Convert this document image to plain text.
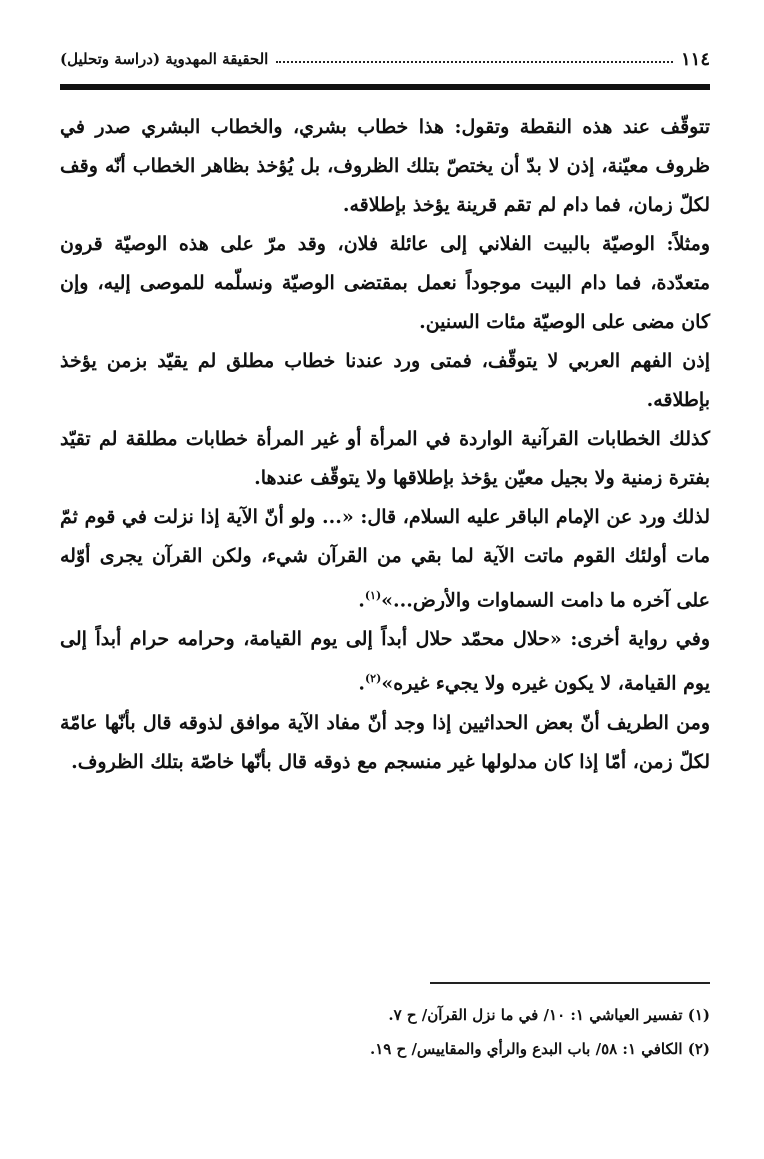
١١٤
الحقيقة المهدوية (دراسة وتحليل)

تتوقّف عند هذه النقطة وتقول: هذا خطاب بشري، والخطاب البشري صدر في ظروف معيّنة، إذن لا بدّ أن يختصّ بتلك الظروف، بل يُؤخذ بظاهر الخطاب أنّه وقف لكلّ زمان، فما دام لم تقم قرينة يؤخذ بإطلاقه.

ومثلاً: الوصيّة بالبيت الفلاني إلى عائلة فلان، وقد مرّ على هذه الوصيّة قرون متعدّدة، فما دام البيت موجوداً نعمل بمقتضى الوصيّة ونسلّمه للموصى إليه، وإن كان مضى على الوصيّة مئات السنين.

إذن الفهم العربي لا يتوقّف، فمتى ورد عندنا خطاب مطلق لم يقيّد بزمن يؤخذ بإطلاقه.

كذلك الخطابات القرآنية الواردة في المرأة أو غير المرأة خطابات مطلقة لم تقيّد بفترة زمنية ولا بجيل معيّن يؤخذ بإطلاقها ولا يتوقّف عندها.

لذلك ورد عن الإمام الباقر عليه السلام، قال: «... ولو أنّ الآية إذا نزلت في قوم ثمّ مات أولئك القوم ماتت الآية لما بقي من القرآن شيء، ولكن القرآن يجرى أوّله على آخره ما دامت السماوات والأرض...»$^{(١)}$.

وفي رواية أخرى: «حلال محمّد حلال أبداً إلى يوم القيامة، وحرامه حرام أبداً إلى يوم القيامة، لا يكون غيره ولا يجيء غيره»$^{(٢)}$.

ومن الطريف أنّ بعض الحداثيين إذا وجد أنّ مفاد الآية موافق لذوقه قال بأنّها عامّة لكلّ زمن، أمّا إذا كان مدلولها غير منسجم مع ذوقه قال بأنّها خاصّة بتلك الظروف.

(١) تفسير العياشي ١: ١٠/ في ما نزل القرآن/ ح ٧.
(٢) الكافي ١: ٥٨/ باب البدع والرأي والمقاييس/ ح ١٩.
